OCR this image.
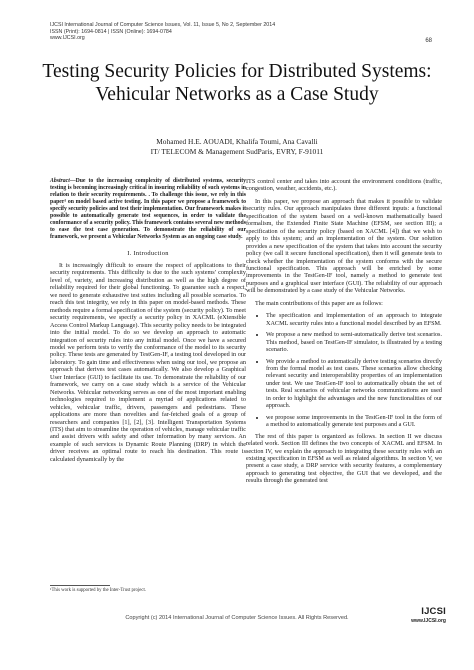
IJCSI International Journal of Computer Science Issues, Vol. 11, Issue 5, No 2, September 2014
ISSN (Print): 1694-0814 | ISSN (Online): 1694-0784
www.IJCSI.org	68
Testing Security Policies for Distributed Systems: Vehicular Networks as a Case Study
Mohamed H.E. AOUADI, Khalifa Toumi, Ana Cavalli
IT/ TELECOM & Management SudParis, EVRY, F-91011

Abstract—Due to the increasing complexity of distributed systems, security testing is becoming increasingly critical in insuring reliability of such systems in relation to their security requirements. . To challenge this issue, we rely in this paper¹ on model based active testing. In this paper we propose a framework to specify security policies and test their implementation. Our framework makes it possible to automatically generate test sequences, in order to validate the conformance of a security policy. This framework contains several new methods to ease the test case generation. To demonstrate the reliability of our framework, we present a Vehicular Networks System as an ongoing case study.

I. Introduction

It is increasingly difficult to ensure the respect of applications to their security requirements. This difficulty is due to the such systems' complexity level of, variety, and increasing distribution as well as the high degree of reliability required for their global functioning. To guarantee such a respect, we need to generate exhaustive test suites including all possible scenarios. To reach this test integrity, we rely in this paper on model-based methods. These methods require a formal specification of the system (security policy). To meet security requirements, we specify a security policy in XACML (eXtensible Access Control Markup Language). This security policy needs to be integrated into the initial model. To do so we develop an approach to automatic integration of security rules into any initial model. Once we have a secured model we perform tests to verify the conformance of the model to its security policy. These tests are generated by TestGen-IF, a testing tool developed in our laboratory. To gain time and effectiveness when using our tool, we propose an approach that derives test cases automatically. We also develop a Graphical User Interface (GUI) to facilitate its use. To demonstrate the reliability of our framework, we carry on a case study which is a service of the Vehicular Networks. Vehicular networking serves as one of the most important enabling technologies required to implement a myriad of applications related to vehicles, vehicular traffic, drivers, passengers and pedestrians. These applications are more than novelties and far-fetched goals of a group of researchers and companies [1], [2], [3]. Intelligent Transportation Systems (ITS) that aim to streamline the operation of vehicles, manage vehicular traffic and assist drivers with safety and other information by many services. An example of such services is Dynamic Route Planning (DRP) in which the driver receives an optimal route to reach his destination. This route is calculated dynamically by the

ITS control center and takes into account the environment conditions (traffic, congestion, weather, accidents, etc.).

In this paper, we propose an approach that makes it possible to validate security rules. Our approach manipulates three different inputs: a functional specification of the system based on a well-known mathematically based formalism, the Extended Finite State Machine (EFSM, see section III); a specification of the security policy (based on XACML [4]) that we wish to apply to this system; and an implementation of the system. Our solution provides a new specification of the system that takes into account the security policy (we call it secure functional specification), then it will generate tests to check whether the implementation of the system conforms with the secure functional specification. This approach will be enriched by some improvements in the TestGen-IF tool, namely a method to generate test purposes and a graphical user interface (GUI). The reliability of our approach will be demonstrated by a case study of the Vehicular Networks.

The main contributions of this paper are as follows:

• The specification and implementation of an approach to integrate XACML security rules into a functional model described by an EFSM.
• We propose a new method to semi-automatically derive test scenarios. This method, based on TestGen-IF simulator, is illustrated by a testing scenario.
• We provide a method to automatically derive testing scenarios directly from the formal model as test cases. These scenarios allow checking relevant security and interoperability properties of an implementation under test. We use TestGen-IF tool to automatically obtain the set of tests. Real scenarios of vehicular networks communications are used in order to highlight the advantages and the new functionalities of our approach.
• we propose some improvements in the TestGen-IF tool in the form of a method to automatically generate test purposes and a GUI.

The rest of this paper is organized as follows. In section II we discuss related work. Section III defines the two concepts of XACML and EFSM. In section IV, we explain the approach to integrating these security rules with an existing specification in EFSM as well as related algorithms. In section V, we present a case study, a DRP service with security features, a complementary approach to generating test objective, the GUI that we developed, and the results through the generated test

¹This work is supported by the Inter-Trust project.
Copyright (c) 2014 International Journal of Computer Science Issues. All Rights Reserved.
IJCSI
www.IJCSI.org
